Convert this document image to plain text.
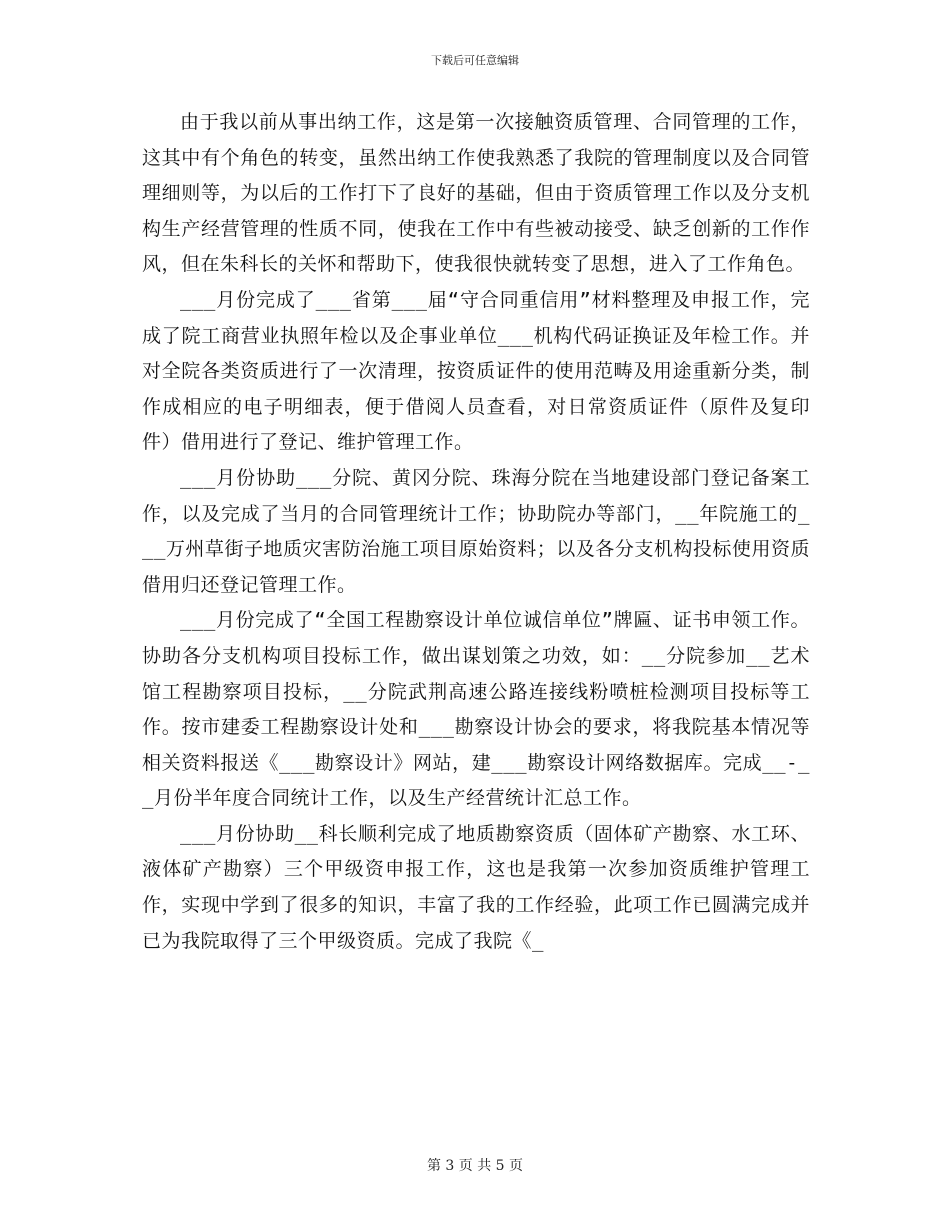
下载后可任意编辑

由于我以前从事出纳工作，这是第一次接触资质管理、合同管理的工作，这其中有个角色的转变，虽然出纳工作使我熟悉了我院的管理制度以及合同管理细则等，为以后的工作打下了良好的基础，但由于资质管理工作以及分支机构生产经营管理的性质不同，使我在工作中有些被动接受、缺乏创新的工作作风，但在朱科长的关怀和帮助下，使我很快就转变了思想，进入了工作角色。

___月份完成了___省第___届“守合同重信用”材料整理及申报工作，完成了院工商营业执照年检以及企事业单位___机构代码证换证及年检工作。并对全院各类资质进行了一次清理，按资质证件的使用范畴及用途重新分类，制作成相应的电子明细表，便于借阅人员查看，对日常资质证件（原件及复印件）借用进行了登记、维护管理工作。

___月份协助___分院、黄冈分院、珠海分院在当地建设部门登记备案工作，以及完成了当月的合同管理统计工作；协助院办等部门，__年院施工的___万州草街子地质灾害防治施工项目原始资料；以及各分支机构投标使用资质借用归还登记管理工作。

___月份完成了“全国工程勘察设计单位诚信单位”牌匾、证书申领工作。协助各分支机构项目投标工作，做出谋划策之功效，如：__分院参加__艺术馆工程勘察项目投标，__分院武荆高速公路连接线粉喷桩检测项目投标等工作。按市建委工程勘察设计处和___勘察设计协会的要求，将我院基本情况等相关资料报送《___勘察设计》网站，建___勘察设计网络数据库。完成__-__月份半年度合同统计工作，以及生产经营统计汇总工作。

___月份协助__科长顺利完成了地质勘察资质（固体矿产勘察、水工环、液体矿产勘察）三个甲级资申报工作，这也是我第一次参加资质维护管理工作，实现中学到了很多的知识，丰富了我的工作经验，此项工作已圆满完成并已为我院取得了三个甲级资质。完成了我院《_

第 3 页 共 5 页
